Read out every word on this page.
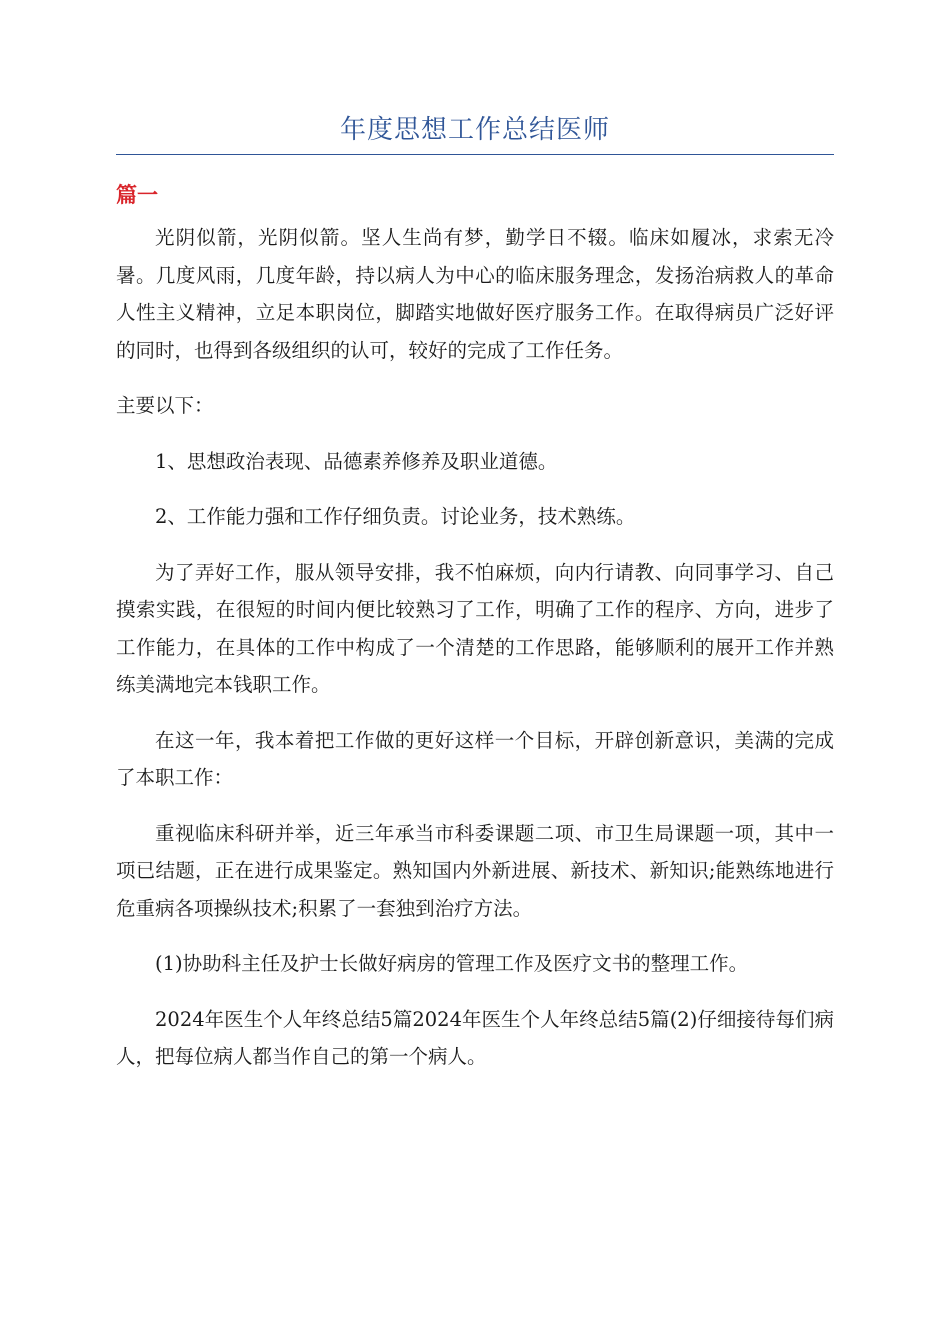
年度思想工作总结医师
篇一

光阴似箭，光阴似箭。坚人生尚有梦，勤学日不辍。临床如履冰，求索无冷暑。几度风雨，几度年龄，持以病人为中心的临床服务理念，发扬治病救人的革命人性主义精神，立足本职岗位，脚踏实地做好医疗服务工作。在取得病员广泛好评的同时，也得到各级组织的认可，较好的完成了工作任务。

主要以下：

1、思想政治表现、品德素养修养及职业道德。

2、工作能力强和工作仔细负责。讨论业务，技术熟练。

为了弄好工作，服从领导安排，我不怕麻烦，向内行请教、向同事学习、自己摸索实践，在很短的时间内便比较熟习了工作，明确了工作的程序、方向，进步了工作能力，在具体的工作中构成了一个清楚的工作思路，能够顺利的展开工作并熟练美满地完本钱职工作。

在这一年，我本着把工作做的更好这样一个目标，开辟创新意识，美满的完成了本职工作：

重视临床科研并举，近三年承当市科委课题二项、市卫生局课题一项，其中一项已结题，正在进行成果鉴定。熟知国内外新进展、新技术、新知识;能熟练地进行危重病各项操纵技术;积累了一套独到治疗方法。

(1)协助科主任及护士长做好病房的管理工作及医疗文书的整理工作。

2024年医生个人年终总结5篇2024年医生个人年终总结5篇(2)仔细接待每们病人，把每位病人都当作自己的第一个病人。
